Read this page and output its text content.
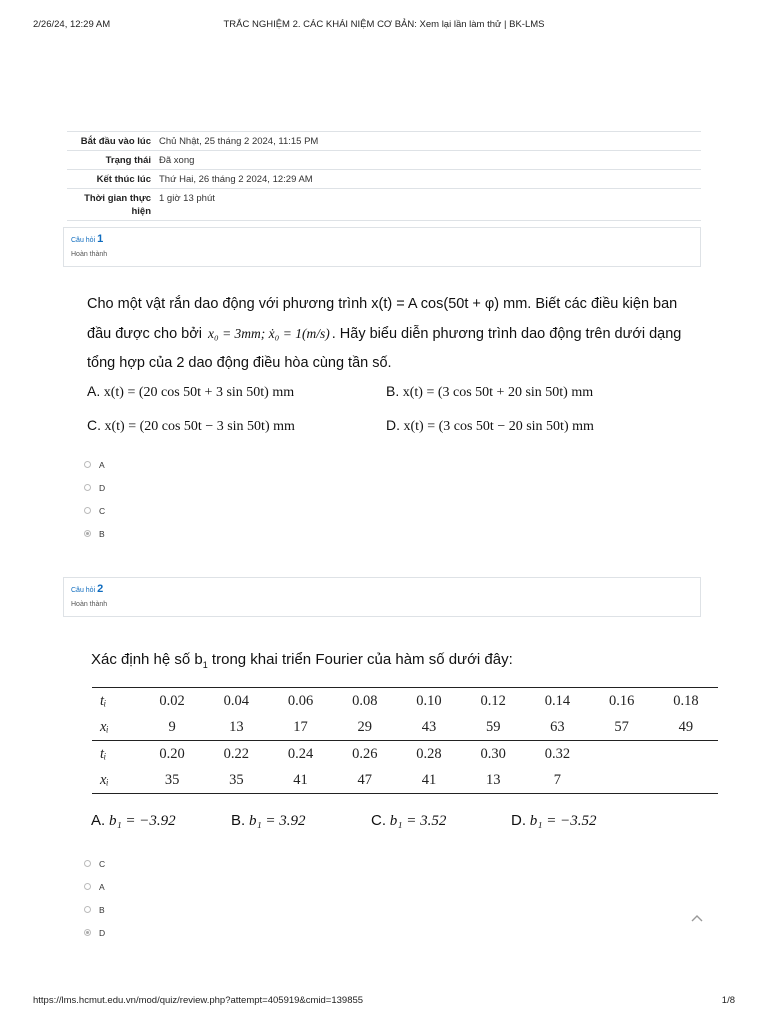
2/26/24, 12:29 AM	TRẮC NGHIỆM 2. CÁC KHÁI NIỆM CƠ BẢN: Xem lại lần làm thử | BK-LMS
Bắt đầu vào lúc Chủ Nhật, 25 tháng 2 2024, 11:15 PM
Trạng thái Đã xong
Kết thúc lúc Thứ Hai, 26 tháng 2 2024, 12:29 AM
Thời gian thực hiện
1 giờ 13 phút
Câu hỏi 1
Hoàn thành
Cho một vật rắn dao động với phương trình x(t) = A cos(50t + φ) mm. Biết các điều kiện ban
đầu được cho bởi x₀ = 3mm; ẋ₀ = 1(m/s) . Hãy biểu diễn phương trình dao động trên dưới dạng
tổng hợp của 2 dao động điều hòa cùng tần số.
A. x(t) = (20 cos 50t + 3 sin 50t) mm	B. x(t) = (3 cos 50t + 20 sin 50t) mm
C. x(t) = (20 cos 50t − 3 sin 50t) mm	D. x(t) = (3 cos 50t − 20 sin 50t) mm
A
D
C
B
Câu hỏi 2
Hoàn thành
Xác định hệ số $b_1$ trong khai triển Fourier của hàm số dưới đây:
tᵢ	0.02	0.04	0.06	0.08	0.10	0.12	0.14	0.16	0.18
xᵢ	9	13	17	29	43	59	63	57	49
tᵢ	0.20	0.22	0.24	0.26	0.28	0.30	0.32		
xᵢ	35	35	41	47	41	13	7		
A. b₁ = −3.92	B. b₁ = 3.92	C. b₁ = 3.52	D. b₁ = −3.52
C
A
B
D
https://lms.hcmut.edu.vn/mod/quiz/review.php?attempt=405919&cmid=139855	1/8
